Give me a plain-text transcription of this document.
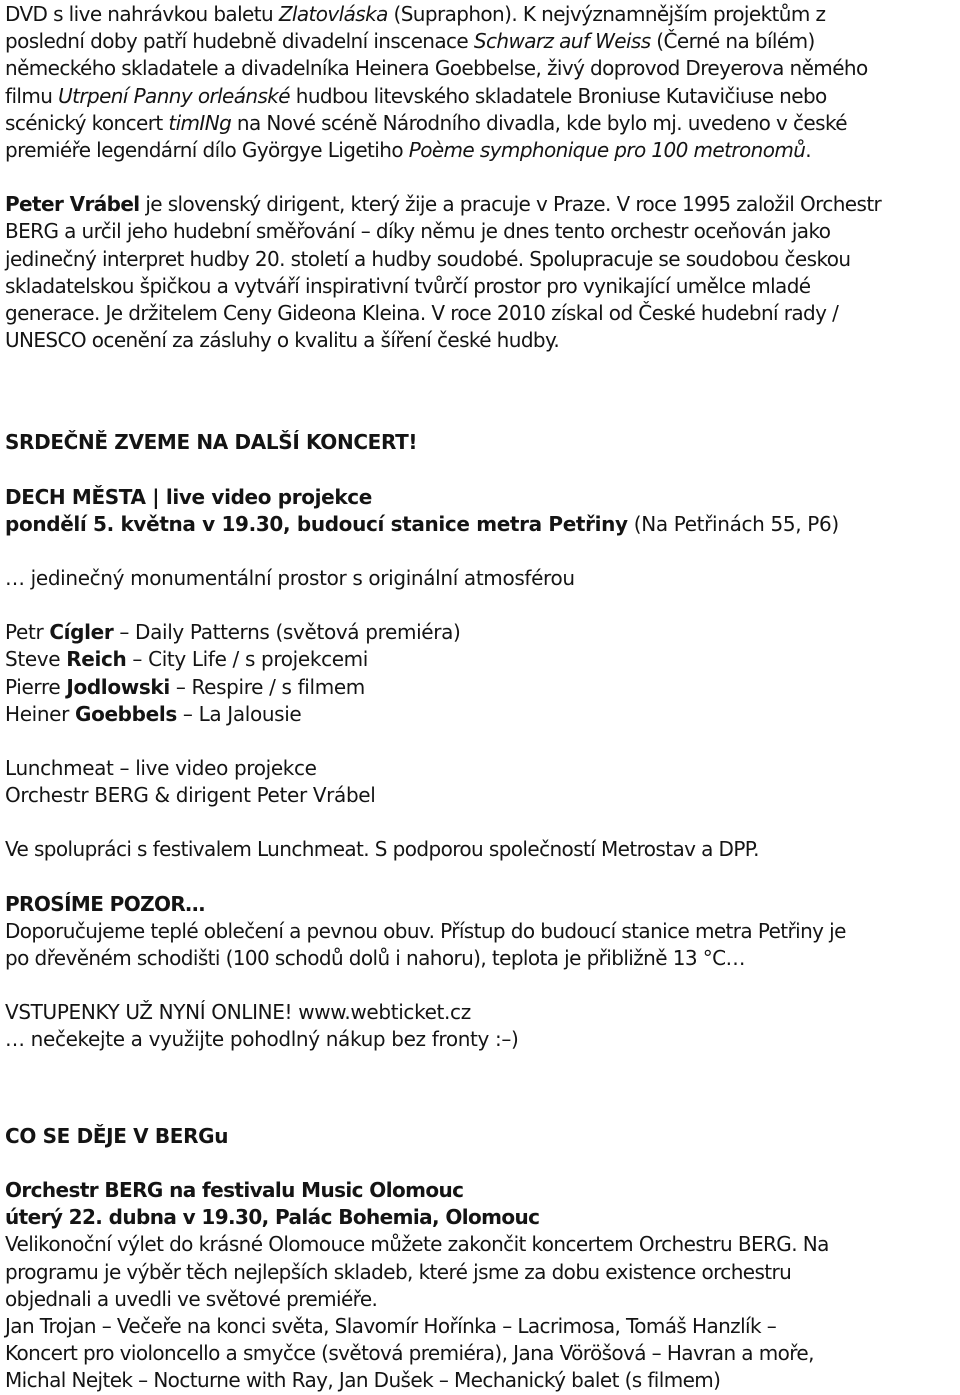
DVD s live nahrávkou baletu Zlatovláska (Supraphon). K nejvýznamnějším projektům z
poslední doby patří hudebně divadelní inscenace Schwarz auf Weiss (Černé na bílém)
německého skladatele a divadelníka Heinera Goebbelse, živý doprovod Dreyerova němého
filmu Utrpení Panny orleánské hudbou litevského skladatele Broniuse Kutavičiuse nebo
scénický koncert timINg na Nové scéně Národního divadla, kde bylo mj. uvedeno v české
premiéře legendární dílo Györgye Ligetiho Poème symphonique pro 100 metronomů.

Peter Vrábel je slovenský dirigent, který žije a pracuje v Praze. V roce 1995 založil Orchestr
BERG a určil jeho hudební směřování – díky němu je dnes tento orchestr oceňován jako
jedinečný interpret hudby 20. století a hudby soudobé. Spolupracuje se soudobou českou
skladatelskou špičkou a vytváří inspirativní tvůrčí prostor pro vynikající umělce mladé
generace. Je držitelem Ceny Gideona Kleina. V roce 2010 získal od České hudební rady /
UNESCO ocenění za zásluhy o kvalitu a šíření české hudby.

SRDEČNĚ ZVEME NA DALŠÍ KONCERT!

DECH MĚSTA | live video projekce
pondělí 5. května v 19.30, budoucí stanice metra Petřiny (Na Petřinách 55, P6)

… jedinečný monumentální prostor s originální atmosférou

Petr Cígler – Daily Patterns (světová premiéra)
Steve Reich – City Life / s projekcemi
Pierre Jodlowski – Respire / s filmem
Heiner Goebbels – La Jalousie

Lunchmeat – live video projekce
Orchestr BERG & dirigent Peter Vrábel

Ve spolupráci s festivalem Lunchmeat. S podporou společností Metrostav a DPP.

PROSÍME POZOR…
Doporučujeme teplé oblečení a pevnou obuv. Přístup do budoucí stanice metra Petřiny je
po dřevěném schodišti (100 schodů dolů i nahoru), teplota je přibližně 13 °C…

VSTUPENKY UŽ NYNÍ ONLINE! www.webticket.cz
… nečekejte a využijte pohodlný nákup bez fronty :–)

CO SE DĚJE V BERGu

Orchestr BERG na festivalu Music Olomouc
úterý 22. dubna v 19.30, Palác Bohemia, Olomouc
Velikonoční výlet do krásné Olomouce můžete zakončit koncertem Orchestru BERG. Na
programu je výběr těch nejlepších skladeb, které jsme za dobu existence orchestru
objednali a uvedli ve světové premiéře.
Jan Trojan – Večeře na konci světa, Slavomír Hořínka – Lacrimosa, Tomáš Hanzlík –
Koncert pro violoncello a smyčce (světová premiéra), Jana Vöröšová – Havran a moře,
Michal Nejtek – Nocturne with Ray, Jan Dušek – Mechanický balet (s filmem)
